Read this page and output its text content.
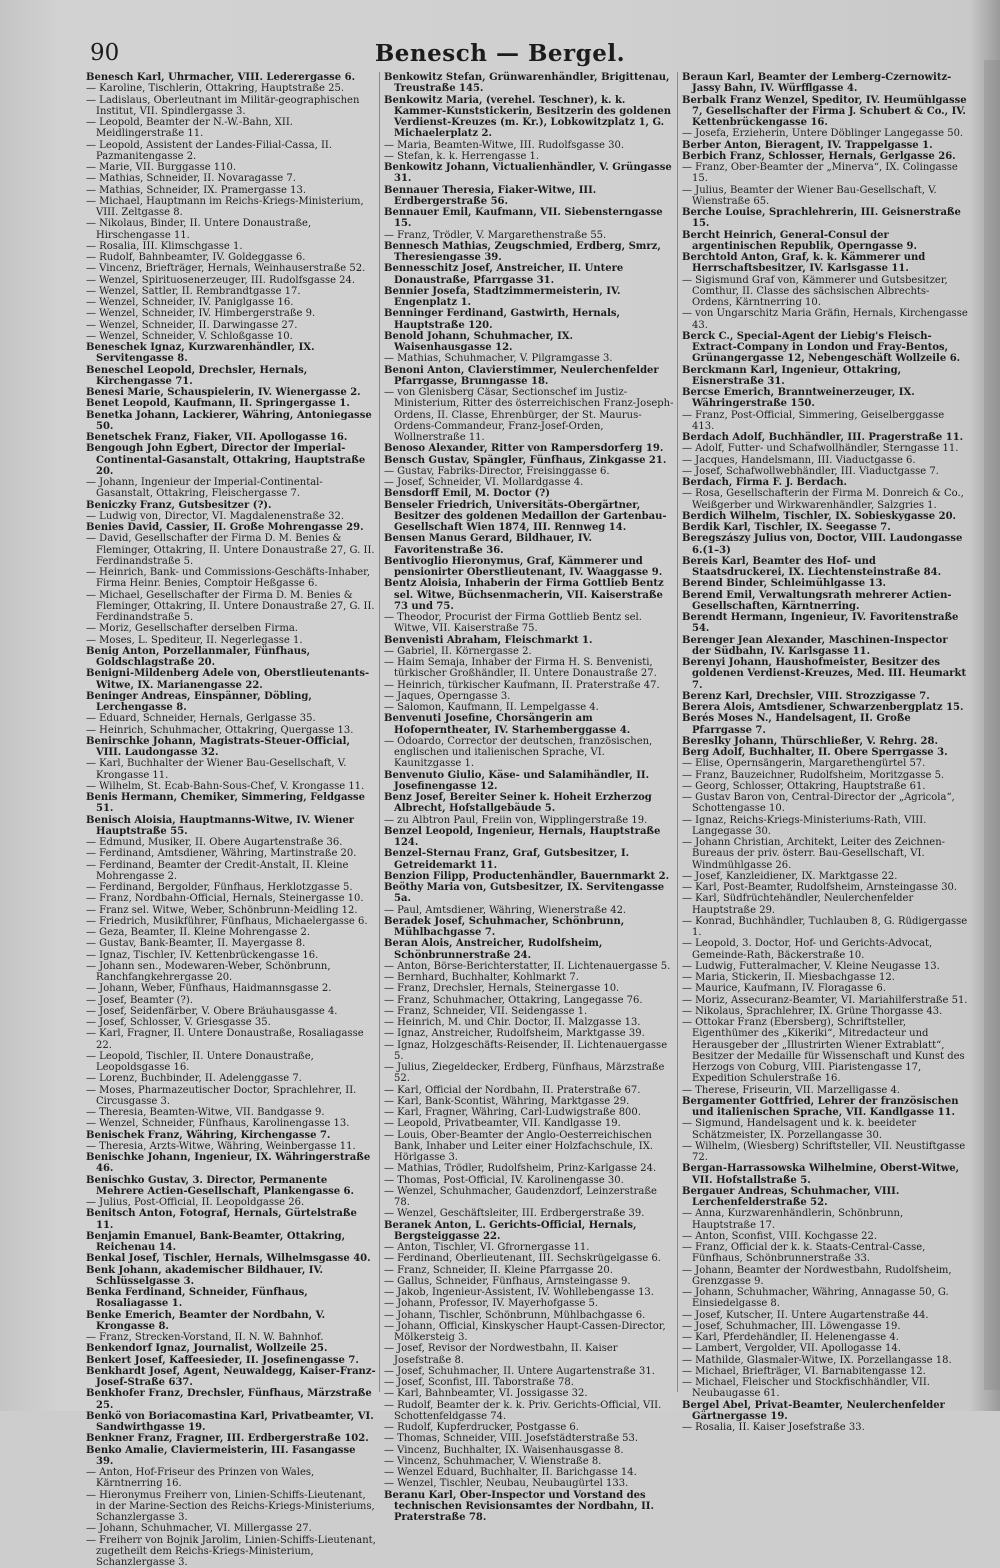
90	Benesch — Bergel.
Benesch Karl, Uhrmacher, VIII. Lederergasse 6.
— Karoline, Tischlerin, Ottakring, Hauptstraße 25.
— Ladislaus, Oberleutnant im Militär-geographischen Institut, VII. Spindlergasse 3.
— Leopold, Beamter der N.-W.-Bahn, XII. Meidlingerstraße 11.
— Leopold, Assistent der Landes-Filial-Cassa, II. Pazmanitengasse 2.
— Marie, VII. Burggasse 110.
— Mathias, Schneider, II. Novaragasse 7.
— Mathias, Schneider, IX. Pramergasse 13.
— Michael, Hauptmann im Reichs-Kriegs-Ministerium, VIII. Zeltgasse 8.
— Nikolaus, Binder, II. Untere Donaustraße, Hirschengasse 11.
— Rosalia, III. Klimschgasse 1.
— Rudolf, Bahnbeamter, IV. Goldeggasse 6.
— Vincenz, Briefträger, Hernals, Weinhauserstraße 52.
— Wenzel, Spirituosenerzeuger, III. Rudolfsgasse 24.
— Wenzel, Sattler, II. Rembrandtgasse 17.
— Wenzel, Schneider, IV. Paniglgasse 16.
— Wenzel, Schneider, IV. Himbergerstraße 9.
— Wenzel, Schneider, II. Darwingasse 27.
— Wenzel, Schneider, V. Schloßgasse 10.
Beneschek Ignaz, Kurzwarenhändler, IX. Servitengasse 8.
Beneschel Leopold, Drechsler, Hernals, Kirchengasse 71.
Benesi Marie, Schauspielerin, IV. Wienergasse 2.
Benet Leopold, Kaufmann, II. Springergasse 1.
Benetka Johann, Lackierer, Währing, Antoniegasse 50.
Benetschek Franz, Fiaker, VII. Apollogasse 16.
Bengough John Egbert, Director der Imperial-Continental-Gasanstalt, Ottakring, Hauptstraße 20.
— Johann, Ingenieur der Imperial-Continental-Gasanstalt, Ottakring, Fleischergasse 7.
Beniczky Franz, Gutsbesitzer (?).
— Ludwig von, Director, VI. Magdalenenstraße 32.
Benies David, Cassier, II. Große Mohrengasse 29.
— David, Gesellschafter der Firma D. M. Benies & Fleminger, Ottakring, II. Untere Donaustraße 27, G. II. Ferdinandstraße 5.
— Heinrich, Bank- und Commissions-Geschäfts-Inhaber, Firma Heinr. Benies, Comptoir Heßgasse 6.
— Michael, Gesellschafter der Firma D. M. Benies & Fleminger, Ottakring, II. Untere Donaustraße 27, G. II. Ferdinandstraße 5.
— Moriz, Gesellschafter derselben Firma.
— Moses, L. Spediteur, II. Negerlegasse 1.
Benig Anton, Porzellanmaler, Fünfhaus, Goldschlagstraße 20.
Benigni-Mildenberg Adele von, Oberstlieutenants-Witwe, IX. Marianengasse 22.
Beninger Andreas, Einspänner, Döbling, Lerchengasse 8.
— Eduard, Schneider, Hernals, Gerlgasse 35.
— Heinrich, Schuhmacher, Ottakring, Quergasse 13.
Benirschke Johann, Magistrats-Steuer-Official, VIII. Laudongasse 32.
— Karl, Buchhalter der Wiener Bau-Gesellschaft, V. Krongasse 11.
— Wilhelm, St. Ecab-Bahn-Sous-Chef, V. Krongasse 11.
Benis Hermann, Chemiker, Simmering, Feldgasse 51.
Benisch Aloisia, Hauptmanns-Witwe, IV. Wiener Hauptstraße 55.
— Edmund, Musiker, II. Obere Augartenstraße 36.
— Ferdinand, Amtsdiener, Währing, Martinstraße 20.
— Ferdinand, Beamter der Credit-Anstalt, II. Kleine Mohrengasse 2.
— Ferdinand, Bergolder, Fünfhaus, Herklotzgasse 5.
— Franz, Nordbahn-Official, Hernals, Steinergasse 10.
— Franz sel. Witwe, Weber, Schönbrunn-Meidling 12.
— Friedrich, Musikführer, Fünfhaus, Michaelergasse 6.
— Geza, Beamter, II. Kleine Mohrengasse 2.
— Gustav, Bank-Beamter, II. Mayergasse 8.
— Ignaz, Tischler, IV. Kettenbrückengasse 16.
— Johann sen., Modewaren-Weber, Schönbrunn, Ranchfangkehrergasse 20.
— Johann, Weber, Fünfhaus, Haidmannsgasse 2.
— Josef, Beamter (?).
— Josef, Seidenfärber, V. Obere Bräuhausgasse 4.
— Josef, Schlosser, V. Griesgasse 35.
— Karl, Fragner, II. Untere Donaustraße, Rosaliagasse 22.
— Leopold, Tischler, II. Untere Donaustraße, Leopoldsgasse 16.
— Lorenz, Buchbinder, II. Adelenggasse 7.
— Moses, Pharmazeutischer Doctor, Sprachlehrer, II. Circusgasse 3.
— Theresia, Beamten-Witwe, VII. Bandgasse 9.
— Wenzel, Schneider, Fünfhaus, Karolinengasse 13.
Benischek Franz, Währing, Kirchengasse 7.
— Theresia, Arzts-Witwe, Währing, Weinbergasse 11.
Benischke Johann, Ingenieur, IX. Währingerstraße 46.
Benischko Gustav, 3. Director, Permanente Mehrere Actien-Gesellschaft, Plankengasse 6.
— Julius, Post-Official, II. Leopoldgasse 26.
Benitsch Anton, Fotograf, Hernals, Gürtelstraße 11.
Benjamin Emanuel, Bank-Beamter, Ottakring, Reichenau 14.
Benkal Josef, Tischler, Hernals, Wilhelmsgasse 40.
Benk Johann, akademischer Bildhauer, IV. Schlüsselgasse 3.
Benka Ferdinand, Schneider, Fünfhaus, Rosaliagasse 1.
Benke Emerich, Beamter der Nordbahn, V. Krongasse 8.
— Franz, Strecken-Vorstand, II. N. W. Bahnhof.
Benkendorf Ignaz, Journalist, Wollzeile 25.
Benkert Josef, Kaffeesieder, II. Josefinengasse 7.
Benkhardt Josef, Agent, Neuwaldegg, Kaiser-Franz-Josef-Straße 637.
Benkhofer Franz, Drechsler, Fünfhaus, Märzstraße 25.
Benkö von Boriacomastina Karl, Privatbeamter, VI. Sandwirthgasse 19.
Benkner Franz, Fragner, III. Erdbergerstraße 102.
Benko Amalie, Claviermeisterin, III. Fasangasse 39.
— Anton, Hof-Friseur des Prinzen von Wales, Kärntnerring 16.
— Hieronymus Freiherr von, Linien-Schiffs-Lieutenant, in der Marine-Section des Reichs-Kriegs-Ministeriums, Schanzlergasse 3.
— Johann, Schuhmacher, VI. Millergasse 27.
— Freiherr von Bojnik Jarolim, Linien-Schiffs-Lieutenant, zugetheilt dem Reichs-Kriegs-Ministerium, Schanzlergasse 3.
Benkowitz Stefan, Grünwarenhändler, Brigittenau, Treustraße 145.
Benkowitz Maria, (verehel. Teschner), k. k. Kammer-Kunststickerin, Besitzerin des goldenen Verdienst-Kreuzes (m. Kr.), Lobkowitzplatz 1, G. Michaelerplatz 2.
— Maria, Beamten-Witwe, III. Rudolfsgasse 30.
— Stefan, k. k. Herrengasse 1.
Benkowitz Johann, Victualienhändler, V. Grüngasse 31.
Bennauer Theresia, Fiaker-Witwe, III. Erdbergerstraße 56.
Bennauer Emil, Kaufmann, VII. Siebensterngasse 15.
— Franz, Trödler, V. Margarethenstraße 55.
Bennesch Mathias, Zeugschmied, Erdberg, Smrz, Theresiengasse 39.
Bennesschitz Josef, Anstreicher, II. Untere Donaustraße, Pfarrgasse 31.
Bennier Josefa, Stadtzimmermeisterin, IV. Engenplatz 1.
Benninger Ferdinand, Gastwirth, Hernals, Hauptstraße 120.
Benold Johann, Schuhmacher, IX. Waisenhausgasse 12.
— Mathias, Schuhmacher, V. Pilgramgasse 3.
Benoni Anton, Clavierstimmer, Neulerchenfelder Pfarrgasse, Brunngasse 18.
— von Glenisberg Cäsar, Sectionschef im Justiz-Ministerium, Ritter des österreichischen Franz-Joseph-Ordens, II. Classe, Ehrenbürger, der St. Maurus-Ordens-Commandeur, Franz-Josef-Orden, Wollnerstraße 11.
Benoso Alexander, Ritter von Rampersdorferg 19.
Bensch Gustav, Spängler, Fünfhaus, Zinkgasse 21.
— Gustav, Fabriks-Director, Freisinggasse 6.
— Josef, Schneider, VI. Mollardgasse 4.
Bensdorff Emil, M. Doctor (?)
Benseler Friedrich, Universitäts-Obergärtner, Besitzer des goldenen Medaillon der Gartenbau-Gesellschaft Wien 1874, III. Rennweg 14.
Bensen Manus Gerard, Bildhauer, IV. Favoritenstraße 36.
Bentivoglio Hieronymus, Graf, Kämmerer und pensionirter Oberstlieutenant, IV. Waaggasse 9.
Bentz Aloisia, Inhaberin der Firma Gottlieb Bentz sel. Witwe, Büchsenmacherin, VII. Kaiserstraße 73 und 75.
— Theodor, Procurist der Firma Gottlieb Bentz sel. Witwe, VII. Kaiserstraße 75.
Benvenisti Abraham, Fleischmarkt 1.
— Gabriel, II. Körnergasse 2.
— Haim Semaja, Inhaber der Firma H. S. Benvenisti, türkischer Großhändler, II. Untere Donaustraße 27.
— Heinrich, türkischer Kaufmann, II. Praterstraße 47.
— Jaques, Operngasse 3.
— Salomon, Kaufmann, II. Lempelgasse 4.
Benvenuti Josefine, Chorsängerin am Hofoperntheater, IV. Starhemberggasse 4.
— Odoardo, Corrector der deutschen, französischen, englischen und italienischen Sprache, VI. Kaunitzgasse 1.
Benvenuto Giulio, Käse- und Salamihändler, II. Josefinengasse 12.
Benz Josef, Bereiter Seiner k. Hoheit Erzherzog Albrecht, Hofstallgebäude 5.
— zu Albtron Paul, Freiin von, Wipplingerstraße 19.
Benzel Leopold, Ingenieur, Hernals, Hauptstraße 124.
Benzel-Sternau Franz, Graf, Gutsbesitzer, I. Getreidemarkt 11.
Benzion Filipp, Productenhändler, Bauernmarkt 2.
Beöthy Maria von, Gutsbesitzer, IX. Servitengasse 5a.
— Paul, Amtsdiener, Währing, Wienerstraße 42.
Beradek Josef, Schuhmacher, Schönbrunn, Mühlbachgasse 7.
Beran Alois, Anstreicher, Rudolfsheim, Schönbrunnerstraße 24.
— Anton, Börse-Berichterstatter, II. Lichtenauergasse 5.
— Bernhard, Buchhalter, Kohlmarkt 7.
— Franz, Drechsler, Hernals, Steinergasse 10.
— Franz, Schuhmacher, Ottakring, Langegasse 76.
— Franz, Schneider, VII. Seidengasse 1.
— Heinrich, M. und Chir. Doctor, II. Malzgasse 13.
— Ignaz, Anstreicher, Rudolfsheim, Marktgasse 39.
— Ignaz, Holzgeschäfts-Reisender, II. Lichtenauergasse 5.
— Julius, Ziegeldecker, Erdberg, Fünfhaus, Märzstraße 52.
— Karl, Official der Nordbahn, II. Praterstraße 67.
— Karl, Bank-Scontist, Währing, Marktgasse 29.
— Karl, Fragner, Währing, Carl-Ludwigstraße 800.
— Leopold, Privatbeamter, VII. Kandlgasse 19.
— Louis, Ober-Beamter der Anglo-Oesterreichischen Bank, Inhaber und Leiter einer Holzfachschule, IX. Hörlgasse 3.
— Mathias, Trödler, Rudolfsheim, Prinz-Karlgasse 24.
— Thomas, Post-Official, IV. Karolinengasse 30.
— Wenzel, Schuhmacher, Gaudenzdorf, Leinzerstraße 78.
— Wenzel, Geschäftsleiter, III. Erdbergerstraße 39.
Beranek Anton, L. Gerichts-Official, Hernals, Bergsteiggasse 22.
— Anton, Tischler, VI. Gfrornergasse 11.
— Ferdinand, Oberlieutenant, III. Sechskrügelgasse 6.
— Franz, Schneider, II. Kleine Pfarrgasse 20.
— Gallus, Schneider, Fünfhaus, Arnsteingasse 9.
— Jakob, Ingenieur-Assistent, IV. Wohllebengasse 13.
— Johann, Professor, IV. Mayerhofgasse 5.
— Johann, Tischler, Schönbrunn, Mühlbachgasse 6.
— Johann, Official, Kinskyscher Haupt-Cassen-Director, Mölkersteig 3.
— Josef, Revisor der Nordwestbahn, II. Kaiser Josefstraße 8.
— Josef, Schuhmacher, II. Untere Augartenstraße 31.
— Josef, Sconfist, III. Taborstraße 78.
— Karl, Bahnbeamter, VI. Jossigasse 32.
— Rudolf, Beamter der k. k. Priv. Gerichts-Official, VII. Schottenfeldgasse 74.
— Rudolf, Kupferdrucker, Postgasse 6.
— Thomas, Schneider, VIII. Josefstädterstraße 53.
— Vincenz, Buchhalter, IX. Waisenhausgasse 8.
— Vincenz, Schuhmacher, V. Wienstraße 8.
— Wenzel Eduard, Buchhalter, II. Barichgasse 14.
— Wenzel, Tischler, Neubau, Neubaugürtel 133.
Beranu Karl, Ober-Inspector und Vorstand des technischen Revisionsamtes der Nordbahn, II. Praterstraße 78.
Beraun Karl, Beamter der Lemberg-Czernowitz-Jassy Bahn, IV. Würfflgasse 4.
Berbalk Franz Wenzel, Speditor, IV. Heumühlgasse 7, Gesellschafter der Firma J. Schubert & Co., IV. Kettenbrückengasse 16.
— Josefa, Erzieherin, Untere Döblinger Langegasse 50.
Berber Anton, Bieragent, IV. Trappelgasse 1.
Berbich Franz, Schlosser, Hernals, Gerlgasse 26.
— Franz, Ober-Beamter der „Minerva“, IX. Colingasse 15.
— Julius, Beamter der Wiener Bau-Gesellschaft, V. Wienstraße 65.
Berche Louise, Sprachlehrerin, III. Geisnerstraße 15.
Bercht Heinrich, General-Consul der argentinischen Republik, Operngasse 9.
Berchtold Anton, Graf, k. k. Kämmerer und Herrschaftsbesitzer, IV. Karlsgasse 11.
— Sigismund Graf von, Kämmerer und Gutsbesitzer, Comthur, II. Classe des sächsischen Albrechts-Ordens, Kärntnerring 10.
— von Ungarschitz Maria Gräfin, Hernals, Kirchengasse 43.
Berck C., Special-Agent der Liebig's Fleisch-Extract-Company in London und Fray-Bentos, Grünangergasse 12, Nebengeschäft Wollzeile 6.
Berckmann Karl, Ingenieur, Ottakring, Eisnerstraße 31.
Bercse Emerich, Branntweinerzeuger, IX. Währingerstraße 150.
— Franz, Post-Official, Simmering, Geiselberggasse 413.
Berdach Adolf, Buchhändler, III. Pragerstraße 11.
— Adolf, Futter- und Schafwollhändler, Sterngasse 11.
— Jacques, Handelsmann, III. Viaductgasse 6.
— Josef, Schafwollwebhändler, III. Viaductgasse 7.
Berdach, Firma F. J. Berdach.
— Rosa, Gesellschafterin der Firma M. Donreich & Co., Weißgerber und Wirkwarenhändler, Salzgries 1.
Berdich Wilhelm, Tischler, IX. Sobieskygasse 20.
Berdik Karl, Tischler, IX. Seegasse 7.
Beregszászy Julius von, Doctor, VIII. Laudongasse 6.(1–3)
Bereis Karl, Beamter des Hof- und Staatsdruckerei, IX. Liechtensteinstraße 84.
Berend Binder, Schleimühlgasse 13.
Berend Emil, Verwaltungsrath mehrerer Actien-Gesellschaften, Kärntnerring.
Berendt Hermann, Ingenieur, IV. Favoritenstraße 54.
Berenger Jean Alexander, Maschinen-Inspector der Südbahn, IV. Karlsgasse 11.
Berenyi Johann, Haushofmeister, Besitzer des goldenen Verdienst-Kreuzes, Med. III. Heumarkt 7.
Berenz Karl, Drechsler, VIII. Strozzigasse 7.
Berera Alois, Amtsdiener, Schwarzenbergplatz 15.
Berés Moses N., Handelsagent, II. Große Pfarrgasse 7.
Bereslky Johann, Thürschließer, V. Rehrg. 28.
Berg Adolf, Buchhalter, II. Obere Sperrgasse 3.
— Elise, Opernsängerin, Margarethengürtel 57.
— Franz, Bauzeichner, Rudolfsheim, Moritzgasse 5.
— Georg, Schlosser, Ottakring, Hauptstraße 61.
— Gustav Baron von, Central-Director der „Agricola“, Schottengasse 10.
— Ignaz, Reichs-Kriegs-Ministeriums-Rath, VIII. Langegasse 30.
— Johann Christian, Architekt, Leiter des Zeichnen-Bureaus der priv. österr. Bau-Gesellschaft, VI. Windmühlgasse 26.
— Josef, Kanzleidiener, IX. Marktgasse 22.
— Karl, Post-Beamter, Rudolfsheim, Arnsteingasse 30.
— Karl, Südfrüchtehändler, Neulerchenfelder Hauptstraße 29.
— Konrad, Buchhändler, Tuchlauben 8, G. Rüdigergasse 1.
— Leopold, 3. Doctor, Hof- und Gerichts-Advocat, Gemeinde-Rath, Bäckerstraße 10.
— Ludwig, Futteralmacher, V. Kleine Neugasse 13.
— Maria, Stickerin, II. Miesbachgasse 12.
— Maurice, Kaufmann, IV. Floragasse 6.
— Moriz, Assecuranz-Beamter, VI. Mariahilferstraße 51.
— Nikolaus, Sprachlehrer, IX. Grüne Thorgasse 43.
— Ottokar Franz (Ebersberg), Schriftsteller, Eigenthümer des „Kikeriki“, Mitredacteur und Herausgeber der „Illustrirten Wiener Extrablatt“, Besitzer der Medaille für Wissenschaft und Kunst des Herzogs von Coburg, VIII. Piaristengasse 17, Expedition Schulerstraße 16.
— Therese, Friseurin, VII. Marzelligasse 4.
Bergamenter Gottfried, Lehrer der französischen und italienischen Sprache, VII. Kandlgasse 11.
— Sigmund, Handelsagent und k. k. beeideter Schätzmeister, IX. Porzellangasse 30.
— Wilhelm, (Wiesberg) Schriftsteller, VII. Neustiftgasse 72.
Bergan-Harrassowska Wilhelmine, Oberst-Witwe, VII. Hofstallstraße 5.
Bergauer Andreas, Schuhmacher, VIII. Lerchenfelderstraße 52.
— Anna, Kurzwarenhändlerin, Schönbrunn, Hauptstraße 17.
— Anton, Sconfist, VIII. Kochgasse 22.
— Franz, Official der k. k. Staats-Central-Casse, Fünfhaus, Schönbrunnerstraße 33.
— Johann, Beamter der Nordwestbahn, Rudolfsheim, Grenzgasse 9.
— Johann, Schuhmacher, Währing, Annagasse 50, G. Einsiedelgasse 8.
— Josef, Kutscher, II. Untere Augartenstraße 44.
— Josef, Schuhmacher, III. Löwengasse 19.
— Karl, Pferdehändler, II. Helenengasse 4.
— Lambert, Vergolder, VII. Apollogasse 14.
— Mathilde, Glasmaler-Witwe, IX. Porzellangasse 18.
— Michael, Briefträger, VI. Barnabitengasse 12.
— Michael, Fleischer und Stockfischhändler, VII. Neubaugasse 61.
Bergel Abel, Privat-Beamter, Neulerchenfelder Gärtnergasse 19.
— Rosalia, II. Kaiser Josefstraße 33.
